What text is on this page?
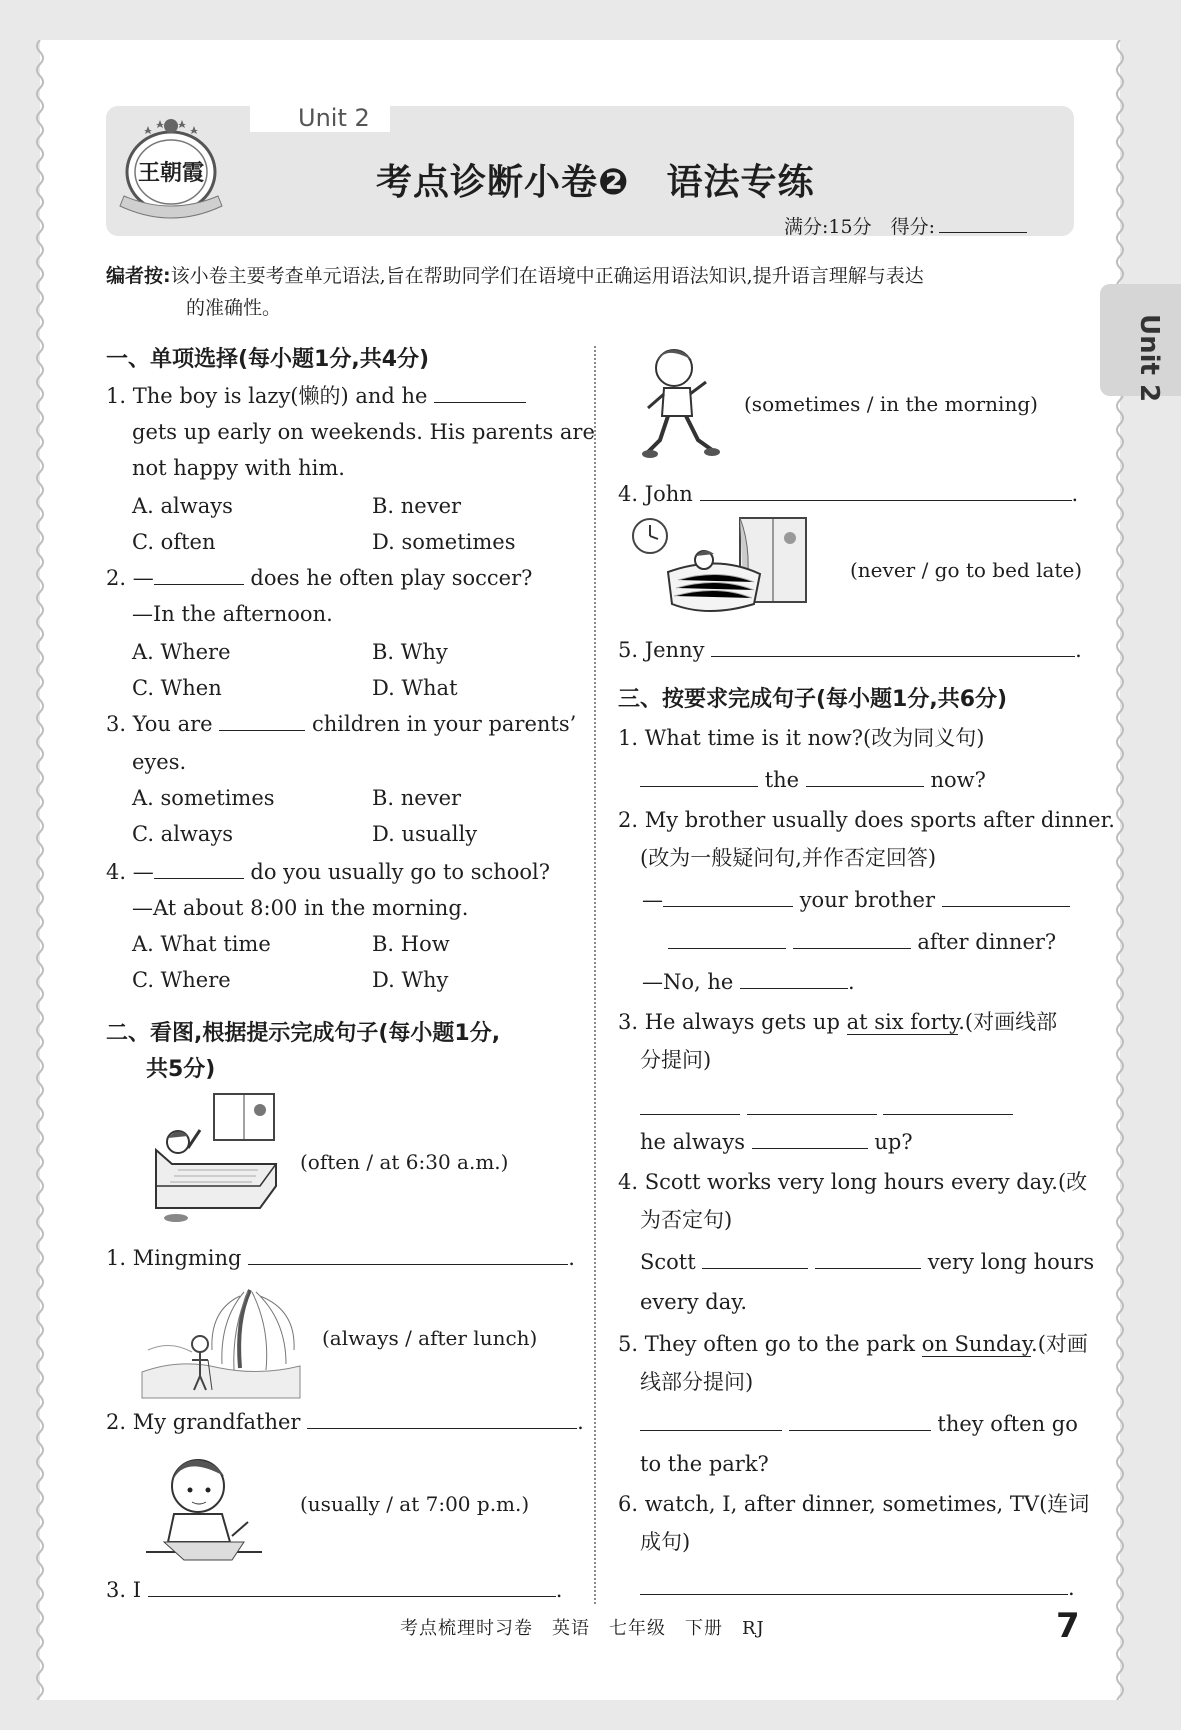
王朝霞
Unit 2
考点诊断小卷❷　语法专练
满分:15分　得分:
Unit 2
编者按:该小卷主要考查单元语法,旨在帮助同学们在语境中正确运用语法知识,提升语言理解与表达
的准确性。
一、单项选择(每小题1分,共4分)
1. The boy is lazy(懒的) and he
gets up early on weekends. His parents are
not happy with him.
A. always	B. never
C. often	D. sometimes
2. —	does he often play soccer?
—In the afternoon.
A. Where	B. Why
C. When	D. What
3. You are	children in your parents’
eyes.
A. sometimes	B. never
C. always	D. usually
4. —	do you usually go to school?
—At about 8:00 in the morning.
A. What time	B. How
C. Where	D. Why
二、看图,根据提示完成句子(每小题1分,
共5分)
(often / at 6:30 a.m.)
1. Mingming	.
(always / after lunch)
2. My grandfather	.
(usually / at 7:00 p.m.)
3. I	.
(sometimes / in the morning)
4. John	.
(never / go to bed late)
5. Jenny	.
三、按要求完成句子(每小题1分,共6分)
1. What time is it now?(改为同义句)
the	now?
2. My brother usually does sports after dinner.
(改为一般疑问句,并作否定回答)
—	your brother
after dinner?
—No, he	.
3. He always gets up at six forty.(对画线部
分提问)

he always	up?
4. Scott works very long hours every day.(改
为否定句)
Scott	very long hours
every day.
5. They often go to the park on Sunday.(对画
线部分提问)
they often go
to the park?
6. watch, I, after dinner, sometimes, TV(连词
成句)
.
考点梳理时习卷　英语　七年级　下册　RJ	7
